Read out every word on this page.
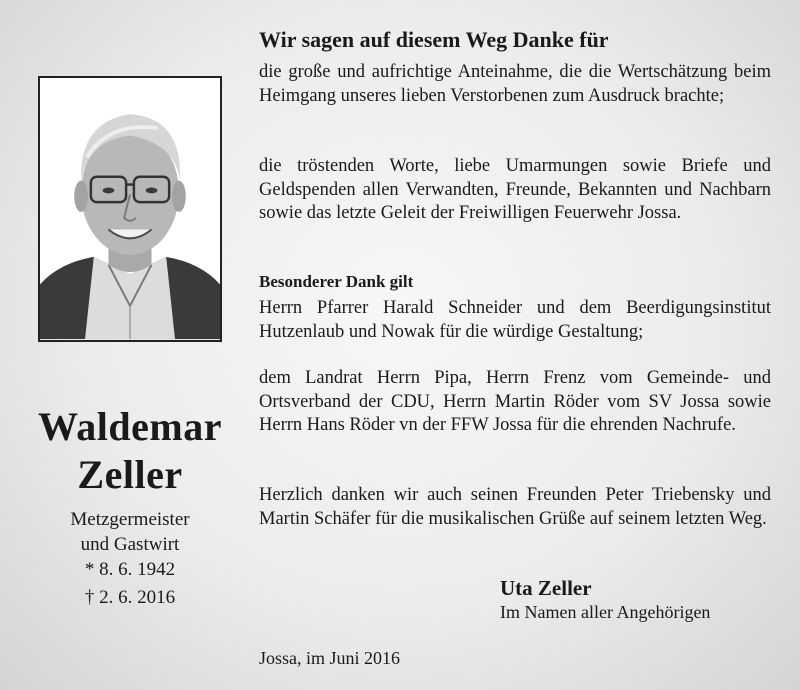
Waldemar
Zeller
Metzgermeister
und Gastwirt
* 8. 6. 1942
† 2. 6. 2016
Wir sagen auf diesem Weg Danke für
die große und aufrichtige Anteinahme, die die Wertschätzung beim Heimgang unseres lieben Verstorbenen zum Ausdruck brachte;
die tröstenden Worte, liebe Umarmungen sowie Briefe und Geldspenden allen Verwandten, Freunde, Bekannten und Nachbarn sowie das letzte Geleit der Freiwilligen Feuerwehr Jossa.
Besonderer Dank gilt
Herrn Pfarrer Harald Schneider und dem Beerdigungsinstitut Hutzenlaub und Nowak für die würdige Gestaltung;
dem Landrat Herrn Pipa, Herrn Frenz vom Gemeinde- und Ortsverband der CDU, Herrn Martin Röder vom SV Jossa sowie Herrn Hans Röder vn der FFW Jossa für die ehrenden Nachrufe.
Herzlich danken wir auch seinen Freunden Peter Triebensky und Martin Schäfer für die musikalischen Grüße auf seinem letzten Weg.
Uta Zeller
Im Namen aller Angehörigen
Jossa, im Juni 2016
